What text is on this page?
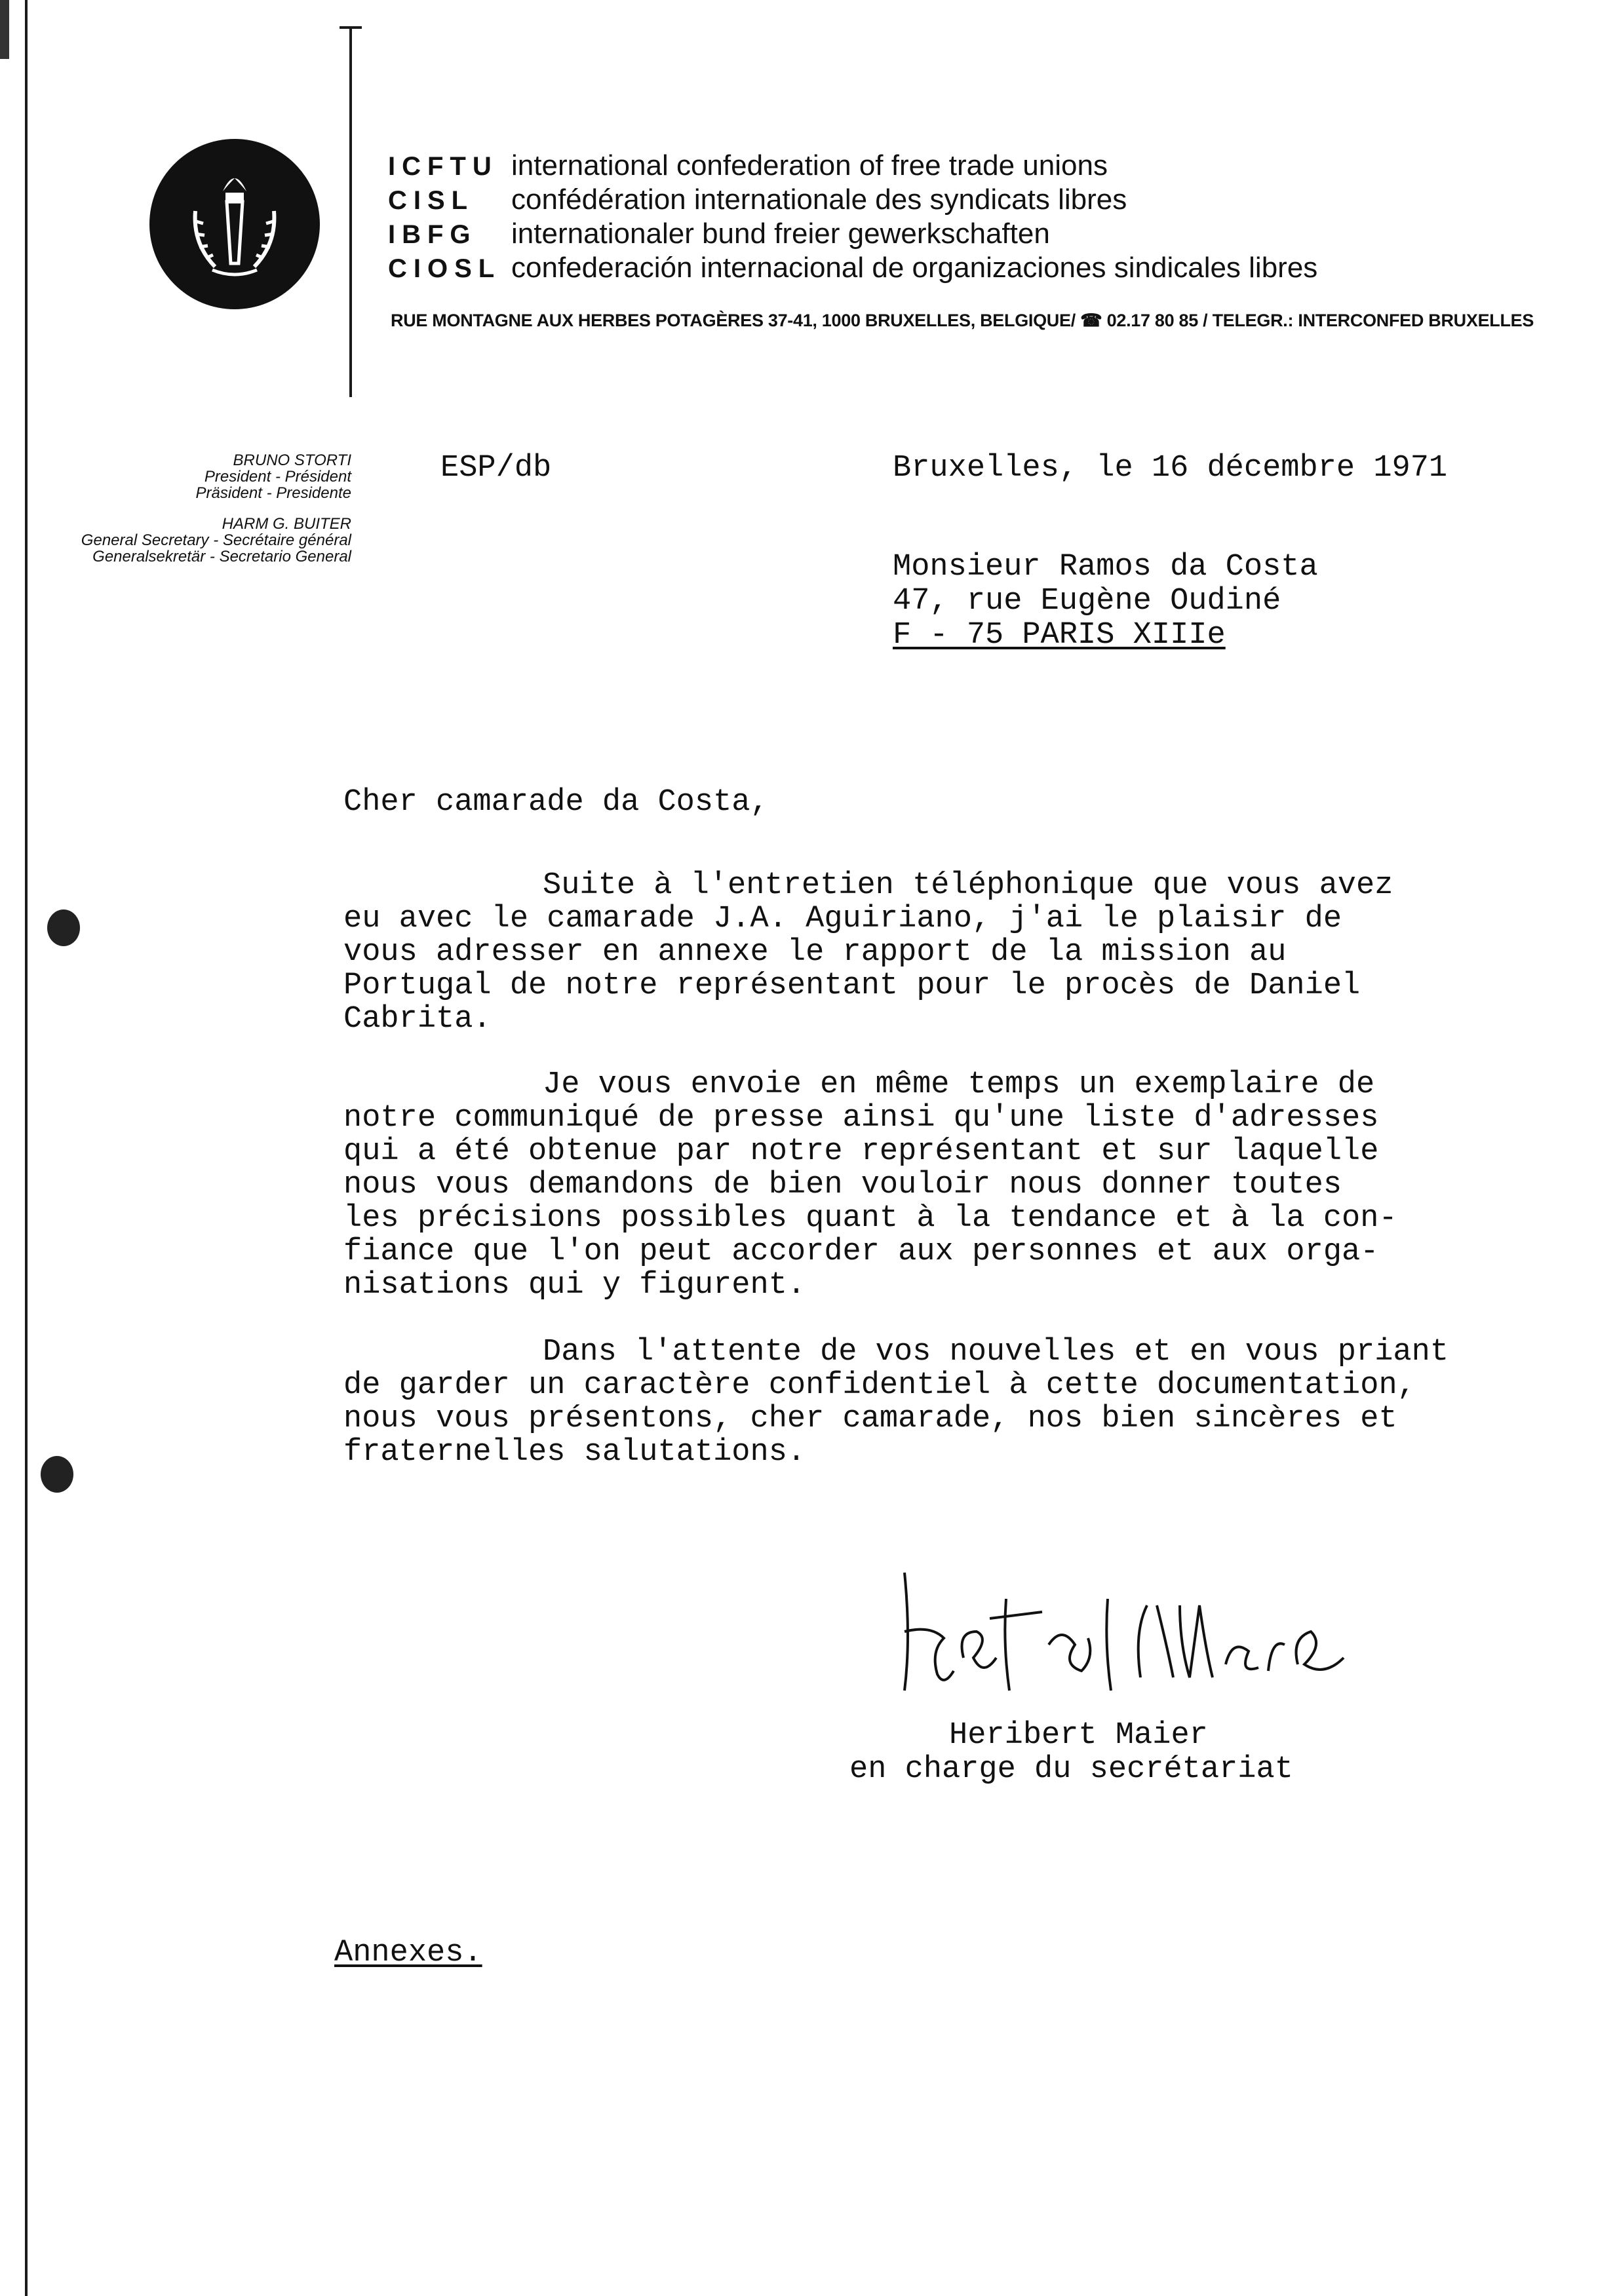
ICFTU international confederation of free trade unions
CISL confédération internationale des syndicats libres
IBFG internationaler bund freier gewerkschaften
CIOSL confederación internacional de organizaciones sindicales libres
RUE MONTAGNE AUX HERBES POTAGÈRES 37-41, 1000 BRUXELLES, BELGIQUE/ ☎ 02.17 80 85 / TELEGR.: INTERCONFED BRUXELLES
BRUNO STORTI
President - Président
Präsident - Presidente
HARM G. BUITER
General Secretary - Secrétaire général
Generalsekretär - Secretario General
ESP/db	Bruxelles, le 16 décembre 1971
Monsieur Ramos da Costa
47, rue Eugène Oudiné
F - 75 PARIS XIIIe
Cher camarade da Costa,
Suite à l'entretien téléphonique que vous avez
eu avec le camarade J.A. Aguiriano, j'ai le plaisir de
vous adresser en annexe le rapport de la mission au
Portugal de notre représentant pour le procès de Daniel
Cabrita.
Je vous envoie en même temps un exemplaire de
notre communiqué de presse ainsi qu'une liste d'adresses
qui a été obtenue par notre représentant et sur laquelle
nous vous demandons de bien vouloir nous donner toutes
les précisions possibles quant à la tendance et à la con-
fiance que l'on peut accorder aux personnes et aux orga-
nisations qui y figurent.
Dans l'attente de vos nouvelles et en vous priant
de garder un caractère confidentiel à cette documentation,
nous vous présentons, cher camarade, nos bien sincères et
fraternelles salutations.
Heribert Maier
en charge du secrétariat
Annexes.
